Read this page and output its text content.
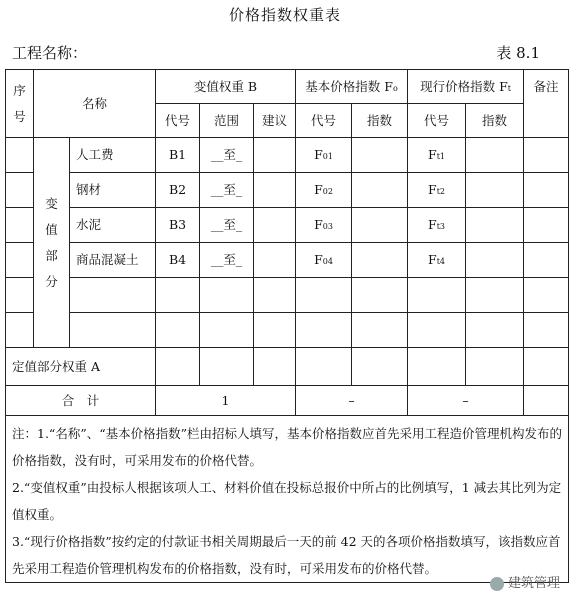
价格指数权重表
工程名称：	表 8.1
序号	名称		变值权重 B			基本价格指数 Fo		现行价格指数 Ft		备注
			代号	范围	建议	代号	指数	代号	指数	
	变值部分	人工费	B1	__至_		F01		Ft1		
		钢材	B2	__至_		F02		Ft2		
		水泥	B3	__至_		F03		Ft3		
		商品混凝土	B4	__至_		F04		Ft4		

定值部分权重 A										
合　计			1			–		–		

注：1.“名称”、“基本价格指数”栏由招标人填写，基本价格指数应首先采用工程造价管理机构发布的价格指数，没有时，可采用发布的价格代替。
2.“变值权重”由投标人根据该项人工、材料价值在投标总报价中所占的比例填写，1 减去其比列为定值权重。
3.“现行价格指数”按约定的付款证书相关周期最后一天的前 42 天的各项价格指数填写，该指数应首先采用工程造价管理机构发布的价格指数，没有时，可采用发布的价格代替。										
建筑管理
